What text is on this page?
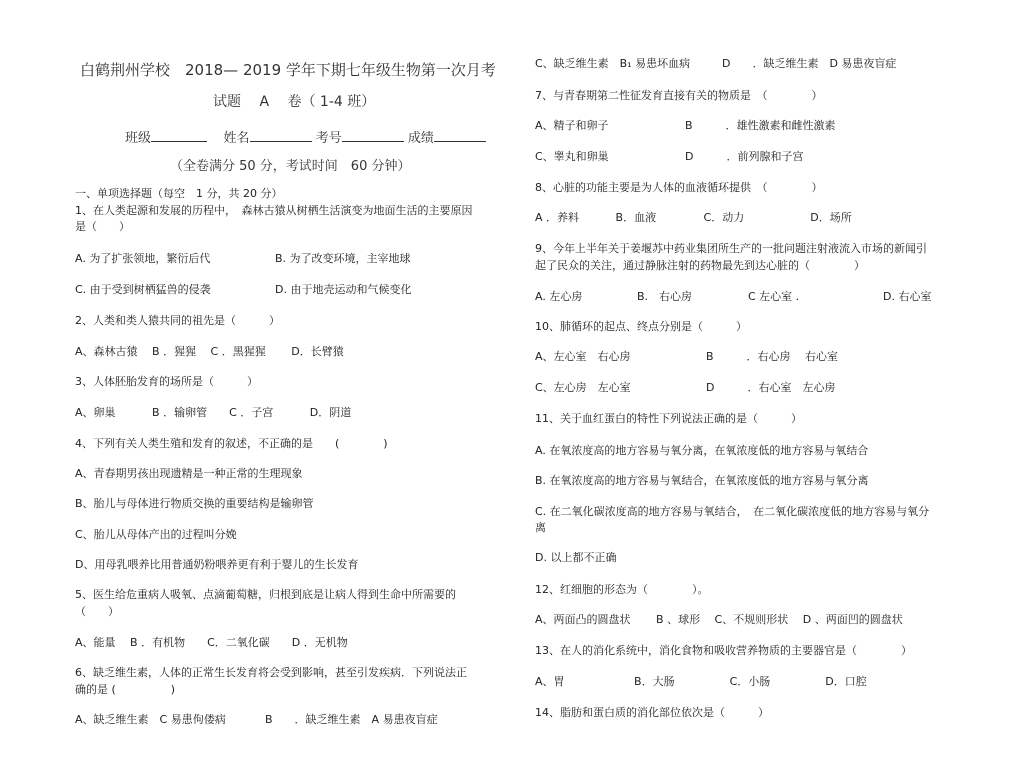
白鹤荆州学校　2018— 2019 学年下期七年级生物第一次月考
试题　 A 　卷（ 1-4 班）
班级	姓名	考号	成绩
（全卷满分 50 分，考试时间　60 分钟）
一、单项选择题（每空　1 分，共 20 分）
1、在人类起源和发展的历程中，　森林古猿从树栖生活演变为地面生活的主要原因
是（　　）
A. 为了扩张领地，繁衍后代	B. 为了改变环境，主宰地球
C. 由于受到树栖猛兽的侵袭	D. 由于地壳运动和气候变化
2、人类和类人猿共同的祖先是（　　　）
A、森林古猿　 B ．猩猩　 C ．黑猩猩　　 D．长臂猿
3、人体胚胎发育的场所是（　　　）
A、卵巢　　　 B ．输卵管　　C ．子宫　　　 D．阴道
4、下列有关人类生殖和发育的叙述，不正确的是　　(　　　　)
A、青春期男孩出现遗精是一种正常的生理现象
B、胎儿与母体进行物质交换的重要结构是输卵管
C、胎儿从母体产出的过程叫分娩
D、用母乳喂养比用普通奶粉喂养更有利于婴儿的生长发育
5、医生给危重病人吸氧、点滴葡萄糖，归根到底是让病人得到生命中所需要的
（　　）
A、能量　 B ．有机物　　C．二氧化碳　　D ．无机物
6、缺乏维生素，人体的正常生长发育将会受到影响，甚至引发疾病．下列说法正
确的是 (　　　　　)
A、缺乏维生素　C 易患佝偻病	B　　．缺乏维生素　A 易患夜盲症
C、缺乏维生素　B₁ 易患坏血病	D　　．缺乏维生素　D 易患夜盲症
7、与青春期第二性征发育直接有关的物质是　（　　　　）
A、精子和卵子	B　　　．雄性激素和雌性激素
C、睾丸和卵巢	D　　　．前列腺和子宫
8、心脏的功能主要是为人体的血液循环提供　（　　　　）
A ．养料　　　 B．血液　　　　 C．动力　　　　　　D．场所
9、今年上半年关于姜堰苏中药业集团所生产的一批问题注射液流入市场的新闻引
起了民众的关注，通过静脉注射的药物最先到达心脏的（　　　　）
A. 左心房	B.　右心房	C 左心室 .	D. 右心室
10、肺循环的起点、终点分别是（　　　）
A、左心室　右心房	B　　　．右心房　 右心室
C、左心房　左心室	D　　　．右心室　左心房
11、关于血红蛋白的特性下列说法正确的是（　　　）
A. 在氧浓度高的地方容易与氧分离，在氧浓度低的地方容易与氧结合
B. 在氧浓度高的地方容易与氧结合，在氧浓度低的地方容易与氧分离
C. 在二氧化碳浓度高的地方容易与氧结合，　在二氧化碳浓度低的地方容易与氧分
离
D. 以上都不正确
12、红细胞的形态为（　　　　）。
A、两面凸的圆盘状　　 B 、球形　 C、不规则形状　 D 、两面凹的圆盘状
13、在人的消化系统中，消化食物和吸收营养物质的主要器官是（　　　　）
A、胃　　　　　　 B．大肠　　　　　C．小肠　　　　　D．口腔
14、脂肪和蛋白质的消化部位依次是（　　　）
